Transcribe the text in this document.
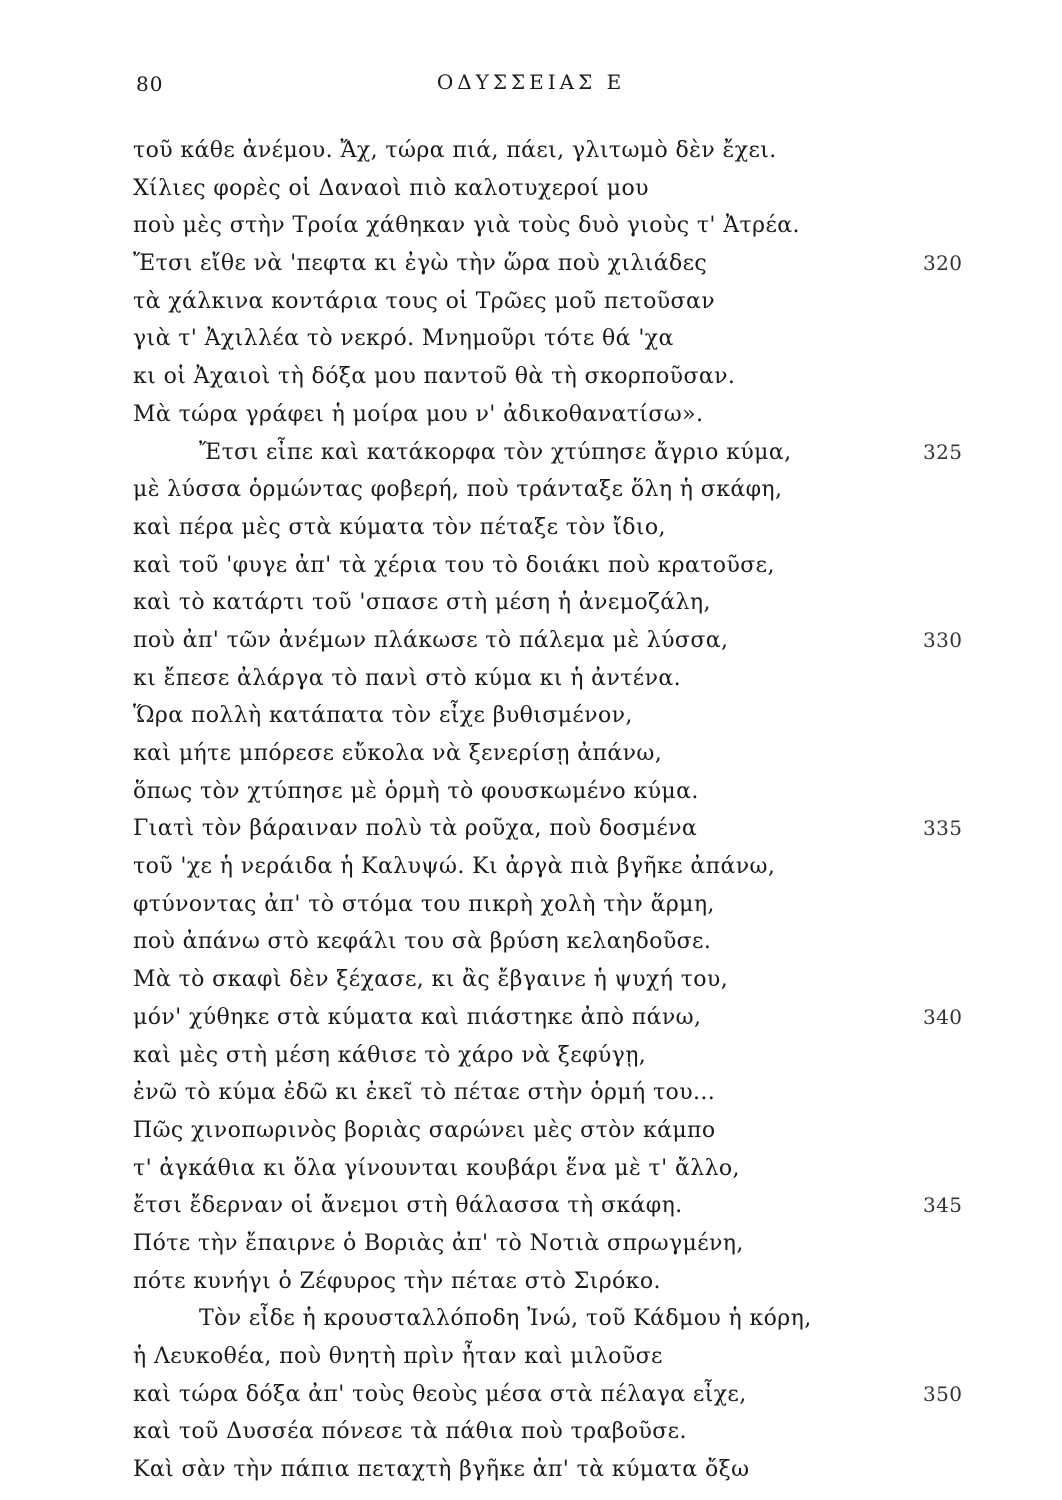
80	ΟΔΥΣΣΕΙΑΣ Ε
τοῦ κάθε ἀνέμου. Ἄχ, τώρα πιά, πάει, γλιτωμὸ δὲν ἔχει.
Χίλιες φορὲς οἱ Δαναοὶ πιὸ καλοτυχεροί μου
ποὺ μὲς στὴν Τροία χάθηκαν γιὰ τοὺς δυὸ γιοὺς τ' Ἀτρέα.
Ἔτσι εἴθε νὰ 'πεφτα κι ἐγὼ τὴν ὥρα ποὺ χιλιάδες	320
τὰ χάλκινα κοντάρια τους οἱ Τρῶες μοῦ πετοῦσαν
γιὰ τ' Ἀχιλλέα τὸ νεκρό. Μνημοῦρι τότε θά 'χα
κι οἱ Ἀχαιοὶ τὴ δόξα μου παντοῦ θὰ τὴ σκορποῦσαν.
Μὰ τώρα γράφει ἡ μοίρα μου ν' ἀδικοθανατίσω».
Ἔτσι εἶπε καὶ κατάκορφα τὸν χτύπησε ἄγριο κύμα,	325
μὲ λύσσα ὁρμώντας φοβερή, ποὺ τράνταξε ὅλη ἡ σκάφη,
καὶ πέρα μὲς στὰ κύματα τὸν πέταξε τὸν ἴδιο,
καὶ τοῦ 'φυγε ἀπ' τὰ χέρια του τὸ δοιάκι ποὺ κρατοῦσε,
καὶ τὸ κατάρτι τοῦ 'σπασε στὴ μέση ἡ ἀνεμοζάλη,
ποὺ ἀπ' τῶν ἀνέμων πλάκωσε τὸ πάλεμα μὲ λύσσα,	330
κι ἔπεσε ἀλάργα τὸ πανὶ στὸ κύμα κι ἡ ἀντένα.
Ὥρα πολλὴ κατάπατα τὸν εἶχε βυθισμένον,
καὶ μήτε μπόρεσε εὔκολα νὰ ξενερίσῃ ἀπάνω,
ὅπως τὸν χτύπησε μὲ ὁρμὴ τὸ φουσκωμένο κύμα.
Γιατὶ τὸν βάραιναν πολὺ τὰ ροῦχα, ποὺ δοσμένα	335
τοῦ 'χε ἡ νεράιδα ἡ Καλυψώ. Κι ἀργὰ πιὰ βγῆκε ἀπάνω,
φτύνοντας ἀπ' τὸ στόμα του πικρὴ χολὴ τὴν ἅρμη,
ποὺ ἀπάνω στὸ κεφάλι του σὰ βρύση κελαηδοῦσε.
Μὰ τὸ σκαφὶ δὲν ξέχασε, κι ἂς ἔβγαινε ἡ ψυχή του,
μόν' χύθηκε στὰ κύματα καὶ πιάστηκε ἀπὸ πάνω,	340
καὶ μὲς στὴ μέση κάθισε τὸ χάρο νὰ ξεφύγῃ,
ἐνῶ τὸ κύμα ἐδῶ κι ἐκεῖ τὸ πέταε στὴν ὁρμή του...
Πῶς χινοπωρινὸς βοριὰς σαρώνει μὲς στὸν κάμπο
τ' ἀγκάθια κι ὅλα γίνουνται κουβάρι ἕνα μὲ τ' ἄλλο,
ἔτσι ἔδερναν οἱ ἄνεμοι στὴ θάλασσα τὴ σκάφη.	345
Πότε τὴν ἔπαιρνε ὁ Βοριὰς ἀπ' τὸ Νοτιὰ σπρωγμένη,
πότε κυνήγι ὁ Ζέφυρος τὴν πέταε στὸ Σιρόκο.
Τὸν εἶδε ἡ κρουσταλλόποδη Ἰνώ, τοῦ Κάδμου ἡ κόρη,
ἡ Λευκοθέα, ποὺ θνητὴ πρὶν ἦταν καὶ μιλοῦσε
καὶ τώρα δόξα ἀπ' τοὺς θεοὺς μέσα στὰ πέλαγα εἶχε,	350
καὶ τοῦ Δυσσέα πόνεσε τὰ πάθια ποὺ τραβοῦσε.
Καὶ σὰν τὴν πάπια πεταχτὴ βγῆκε ἀπ' τὰ κύματα ὄξω
